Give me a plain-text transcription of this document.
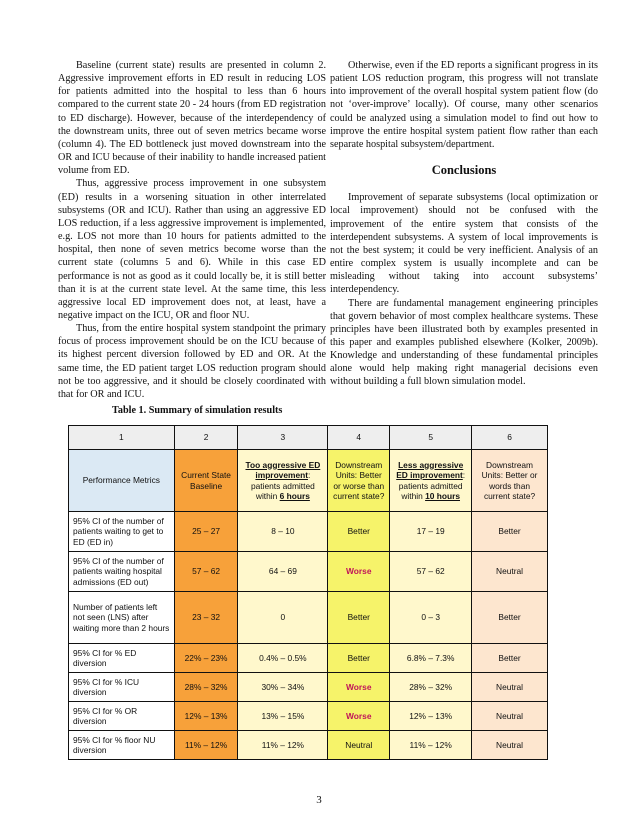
Baseline (current state) results are presented in column 2. Aggressive improvement efforts in ED result in reducing LOS for patients admitted into the hospital to less than 6 hours compared to the current state 20 - 24 hours (from ED registration to ED discharge). However, because of the interdependency of the downstream units, three out of seven metrics became worse (column 4). The ED bottleneck just moved downstream into the OR and ICU because of their inability to handle increased patient volume from ED.

Thus, aggressive process improvement in one subsystem (ED) results in a worsening situation in other interrelated subsystems (OR and ICU). Rather than using an aggressive ED LOS reduction, if a less aggressive improvement is implemented, e.g. LOS not more than 10 hours for patients admitted to the hospital, then none of seven metrics become worse than the current state (columns 5 and 6). While in this case ED performance is not as good as it could locally be, it is still better than it is at the current state level. At the same time, this less aggressive local ED improvement does not, at least, have a negative impact on the ICU, OR and floor NU.

Thus, from the entire hospital system standpoint the primary focus of process improvement should be on the ICU because of its highest percent diversion followed by ED and OR. At the same time, the ED patient target LOS reduction program should not be too aggressive, and it should be closely coordinated with that for OR and ICU.

Otherwise, even if the ED reports a significant progress in its patient LOS reduction program, this progress will not translate into improvement of the overall hospital system patient flow (do not ‘over-improve’ locally). Of course, many other scenarios could be analyzed using a simulation model to find out how to improve the entire hospital system patient flow rather than each separate hospital subsystem/department.

Conclusions

Improvement of separate subsystems (local optimization or local improvement) should not be confused with the improvement of the entire system that consists of the interdependent subsystems. A system of local improvements is not the best system; it could be very inefficient. Analysis of an entire complex system is usually incomplete and can be misleading without taking into account subsystems’ interdependency.

There are fundamental management engineering principles that govern behavior of most complex healthcare systems. These principles have been illustrated both by examples presented in this paper and examples published elsewhere (Kolker, 2009b). Knowledge and understanding of these fundamental principles alone would help making right managerial decisions even without building a full blown simulation model.

Table 1. Summary of simulation results
1	2	3	4	5	6
Performance Metrics	Current State Baseline	Too aggressive ED improvement: patients admitted within 6 hours	Downstream Units: Better or worse than current state?	Less aggressive ED improvement: patients admitted within 10 hours	Downstream Units: Better or words than current state?
95% CI of the number of patients waiting to get to ED (ED in)	25 – 27	8 – 10	Better	17 – 19	Better
95% CI of the number of patients waiting hospital admissions (ED out)	57 – 62	64 – 69	Worse	57 – 62	Neutral
Number of patients left not seen (LNS) after waiting more than 2 hours	23 – 32	0	Better	0 – 3	Better
95% CI for % ED diversion	22% – 23%	0.4% – 0.5%	Better	6.8% – 7.3%	Better
95% CI for % ICU diversion	28% – 32%	30% – 34%	Worse	28% – 32%	Neutral
95% CI for % OR diversion	12% – 13%	13% – 15%	Worse	12% – 13%	Neutral
95% CI for % floor NU diversion	11% – 12%	11% – 12%	Neutral	11% – 12%	Neutral
3
